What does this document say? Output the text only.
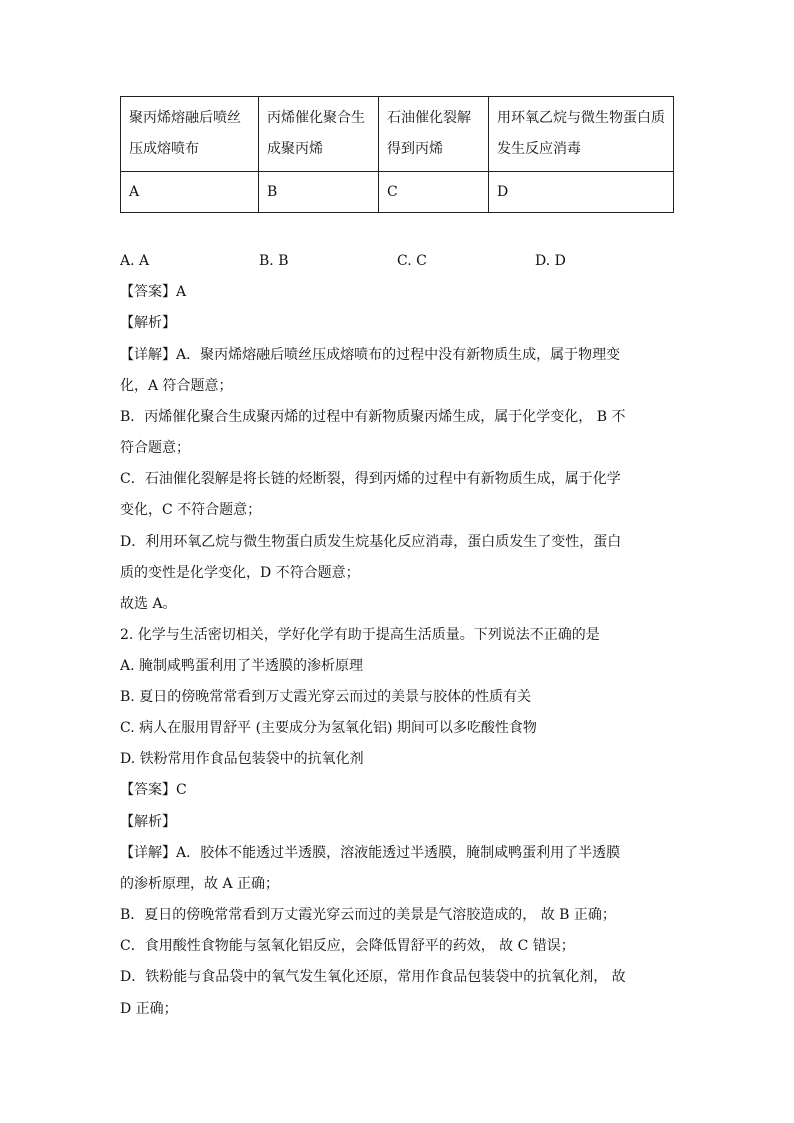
聚丙烯熔融后喷丝压成熔喷布	丙烯催化聚合生成聚丙烯	石油催化裂解得到丙烯	用环氧乙烷与微生物蛋白质发生反应消毒
A	B	C	D
A. A	B. B	C. C	D. D
【答案】A
【解析】
【详解】A．聚丙烯熔融后喷丝压成熔喷布的过程中没有新物质生成，属于物理变
化，A 符合题意；
B．丙烯催化聚合生成聚丙烯的过程中有新物质聚丙烯生成，属于化学变化， B 不
符合题意；
C．石油催化裂解是将长链的烃断裂，得到丙烯的过程中有新物质生成，属于化学
变化，C 不符合题意；
D．利用环氧乙烷与微生物蛋白质发生烷基化反应消毒，蛋白质发生了变性，蛋白
质的变性是化学变化，D 不符合题意；
故选 A。
2. 化学与生活密切相关，学好化学有助于提高生活质量。下列说法不正确的是
A. 腌制咸鸭蛋利用了半透膜的渗析原理
B. 夏日的傍晚常常看到万丈霞光穿云而过的美景与胶体的性质有关
C. 病人在服用胃舒平 (主要成分为氢氧化铝) 期间可以多吃酸性食物
D. 铁粉常用作食品包装袋中的抗氧化剂
【答案】C
【解析】
【详解】A．胶体不能透过半透膜，溶液能透过半透膜，腌制咸鸭蛋利用了半透膜
的渗析原理，故 A 正确；
B．夏日的傍晚常常看到万丈霞光穿云而过的美景是气溶胶造成的， 故 B 正确；
C．食用酸性食物能与氢氧化铝反应，会降低胃舒平的药效， 故 C 错误；
D．铁粉能与食品袋中的氧气发生氧化还原，常用作食品包装袋中的抗氧化剂， 故
D 正确；
